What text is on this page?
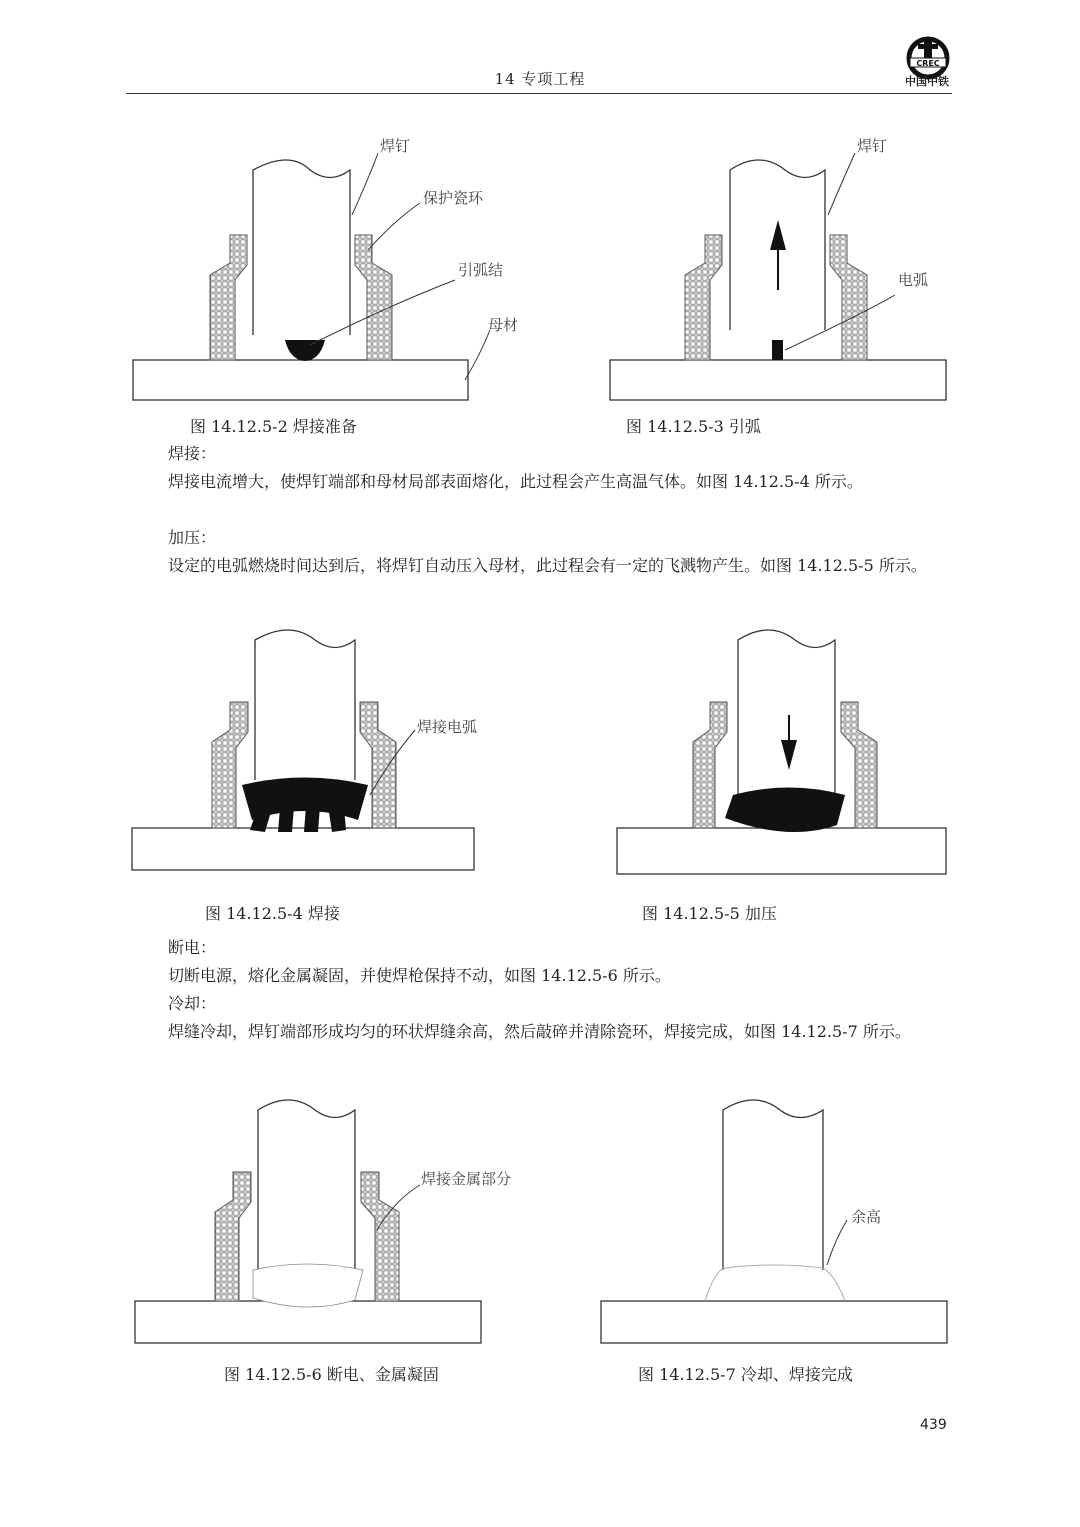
14 专项工程
CREC
中国中铁
焊钉
保护瓷环
引弧结
母材
图 14.12.5-2 焊接准备
焊钉
电弧
图 14.12.5-3 引弧
焊接：
焊接电流增大，使焊钉端部和母材局部表面熔化，此过程会产生高温气体。如图 14.12.5-4 所示。
加压：
设定的电弧燃烧时间达到后，将焊钉自动压入母材，此过程会有一定的飞溅物产生。如图 14.12.5-5 所示。
焊接电弧
图 14.12.5-4 焊接	图 14.12.5-5 加压
断电：
切断电源，熔化金属凝固，并使焊枪保持不动，如图 14.12.5-6 所示。
冷却：
焊缝冷却，焊钉端部形成均匀的环状焊缝余高，然后敲碎并清除瓷环，焊接完成，如图 14.12.5-7 所示。
焊接金属部分
图 14.12.5-6 断电、金属凝固
余高
图 14.12.5-7 冷却、焊接完成
439
